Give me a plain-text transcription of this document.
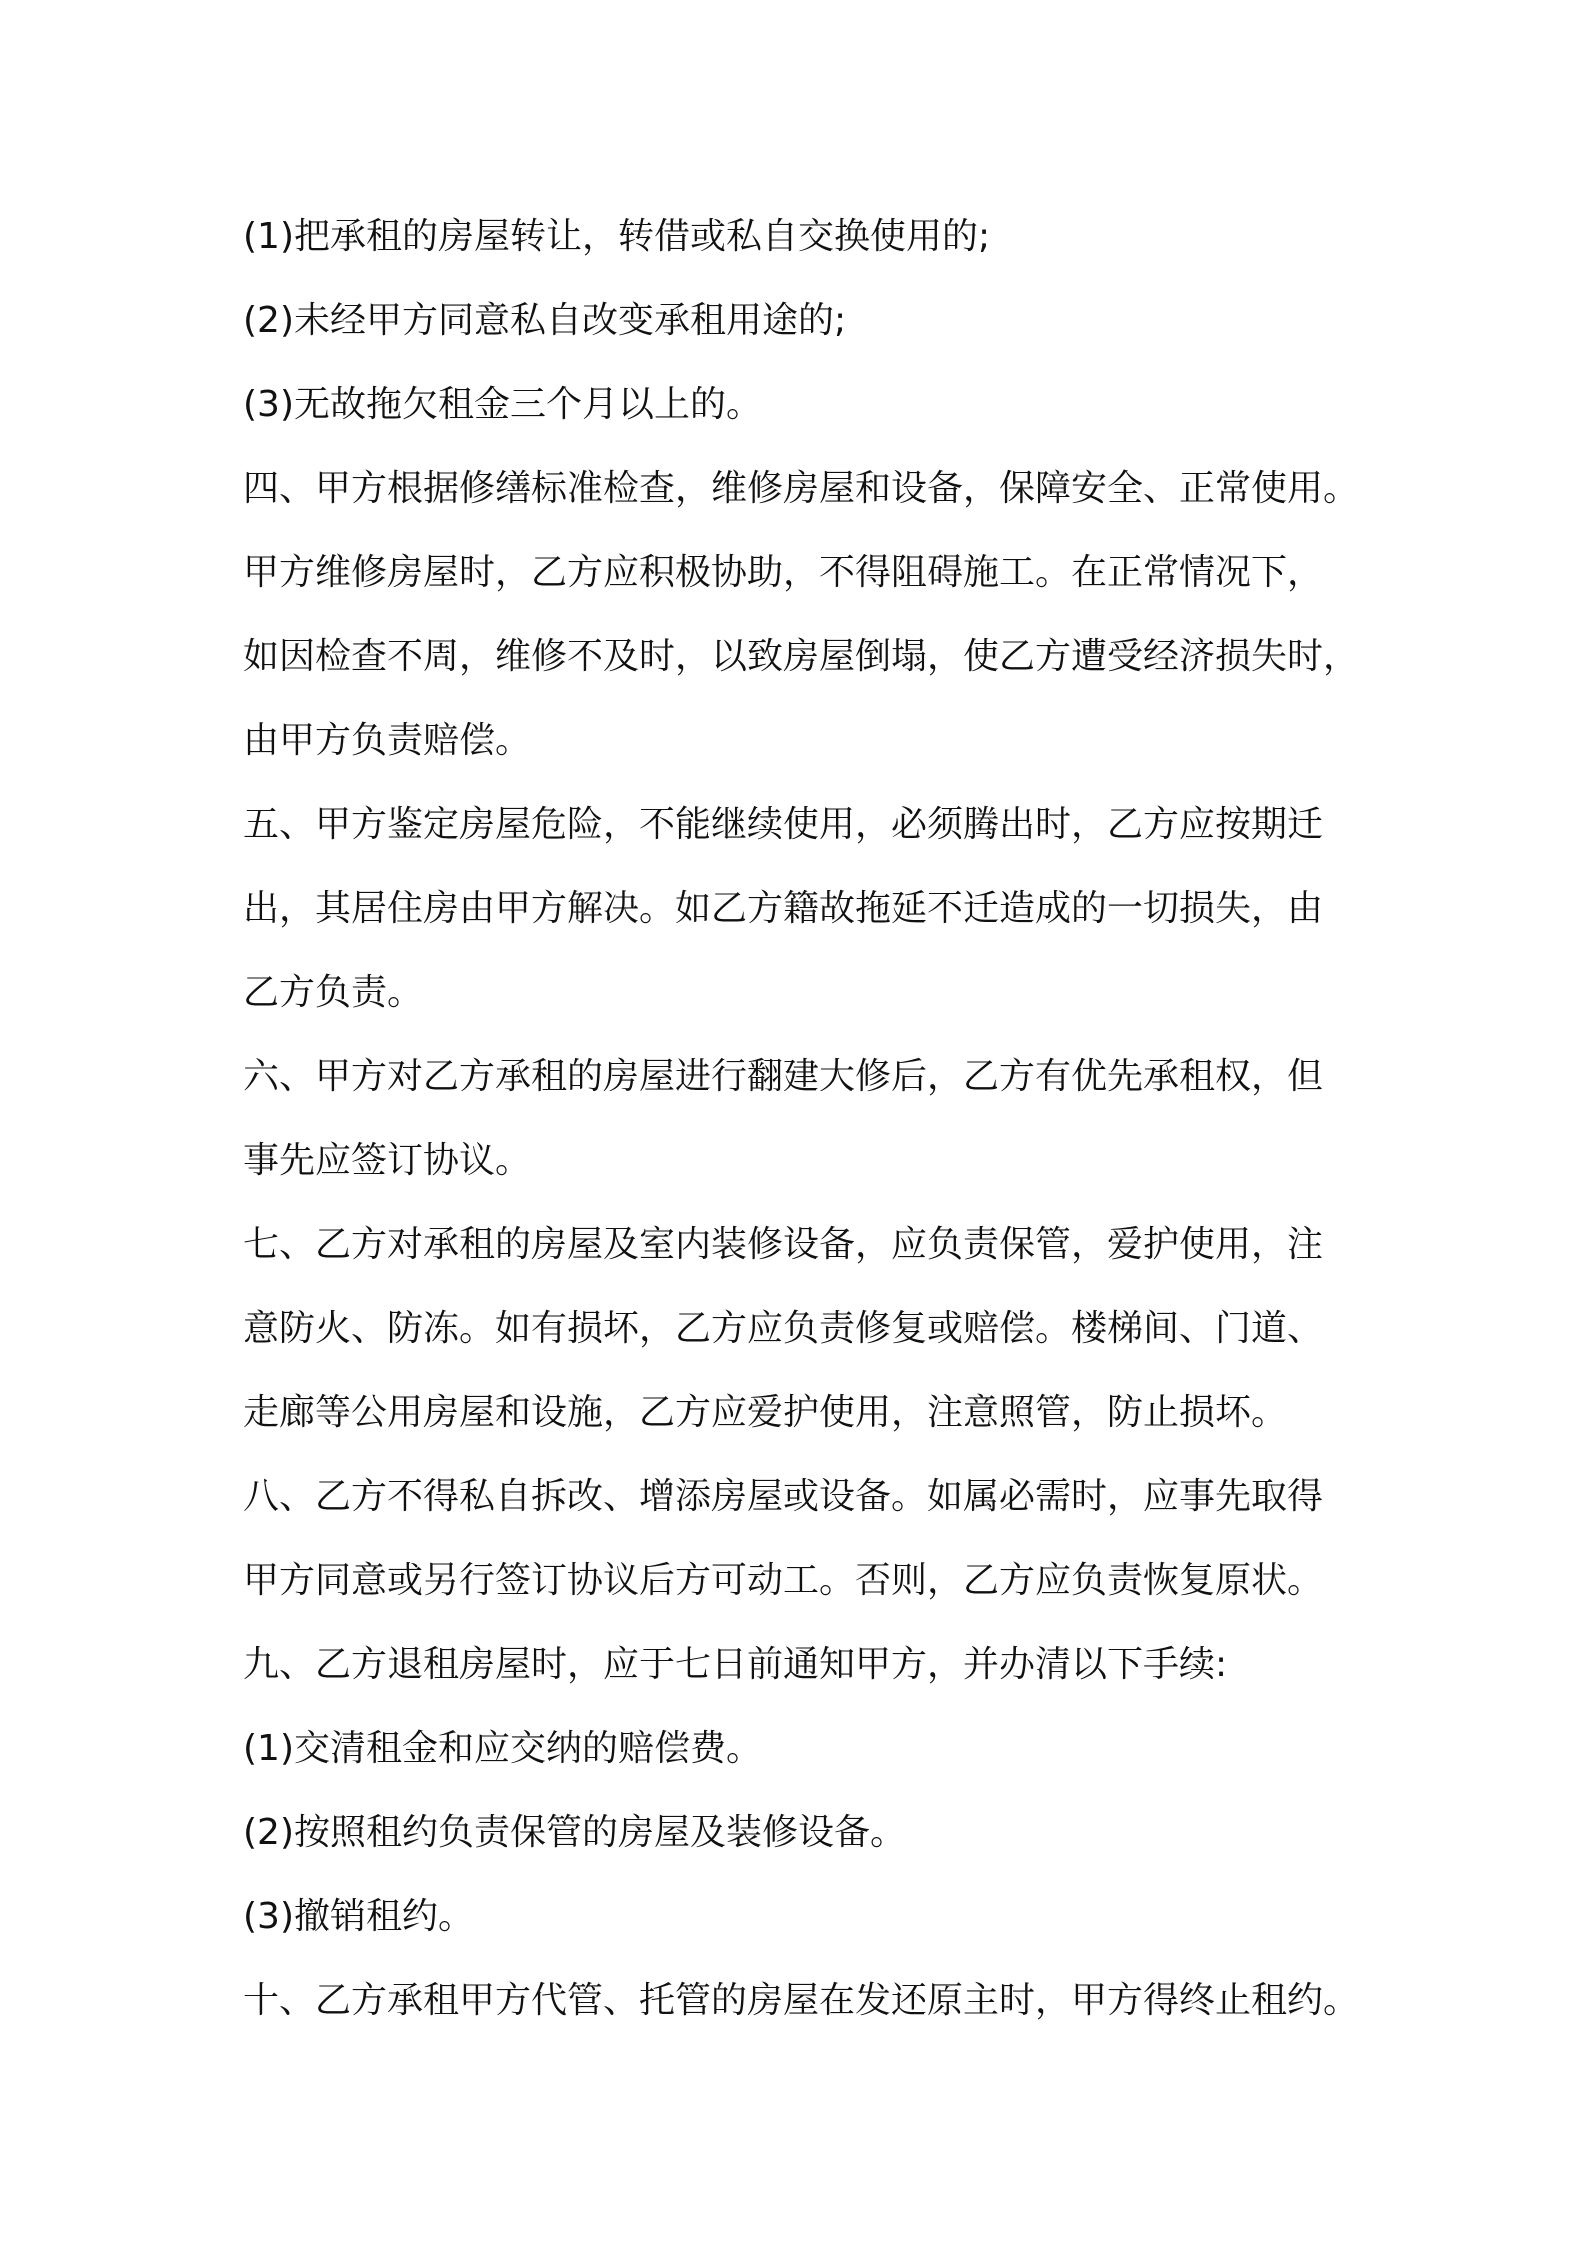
(1)把承租的房屋转让，转借或私自交换使用的;

(2)未经甲方同意私自改变承租用途的;

(3)无故拖欠租金三个月以上的。

四、甲方根据修缮标准检查，维修房屋和设备，保障安全、正常使用。

甲方维修房屋时，乙方应积极协助，不得阻碍施工。在正常情况下，

如因检查不周，维修不及时，以致房屋倒塌，使乙方遭受经济损失时，

由甲方负责赔偿。

五、甲方鉴定房屋危险，不能继续使用，必须腾出时，乙方应按期迁

出，其居住房由甲方解决。如乙方籍故拖延不迁造成的一切损失，由

乙方负责。

六、甲方对乙方承租的房屋进行翻建大修后，乙方有优先承租权，但

事先应签订协议。

七、乙方对承租的房屋及室内装修设备，应负责保管，爱护使用，注

意防火、防冻。如有损坏，乙方应负责修复或赔偿。楼梯间、门道、

走廊等公用房屋和设施，乙方应爱护使用，注意照管，防止损坏。

八、乙方不得私自拆改、增添房屋或设备。如属必需时，应事先取得

甲方同意或另行签订协议后方可动工。否则，乙方应负责恢复原状。

九、乙方退租房屋时，应于七日前通知甲方，并办清以下手续:

(1)交清租金和应交纳的赔偿费。

(2)按照租约负责保管的房屋及装修设备。

(3)撤销租约。

十、乙方承租甲方代管、托管的房屋在发还原主时，甲方得终止租约。
